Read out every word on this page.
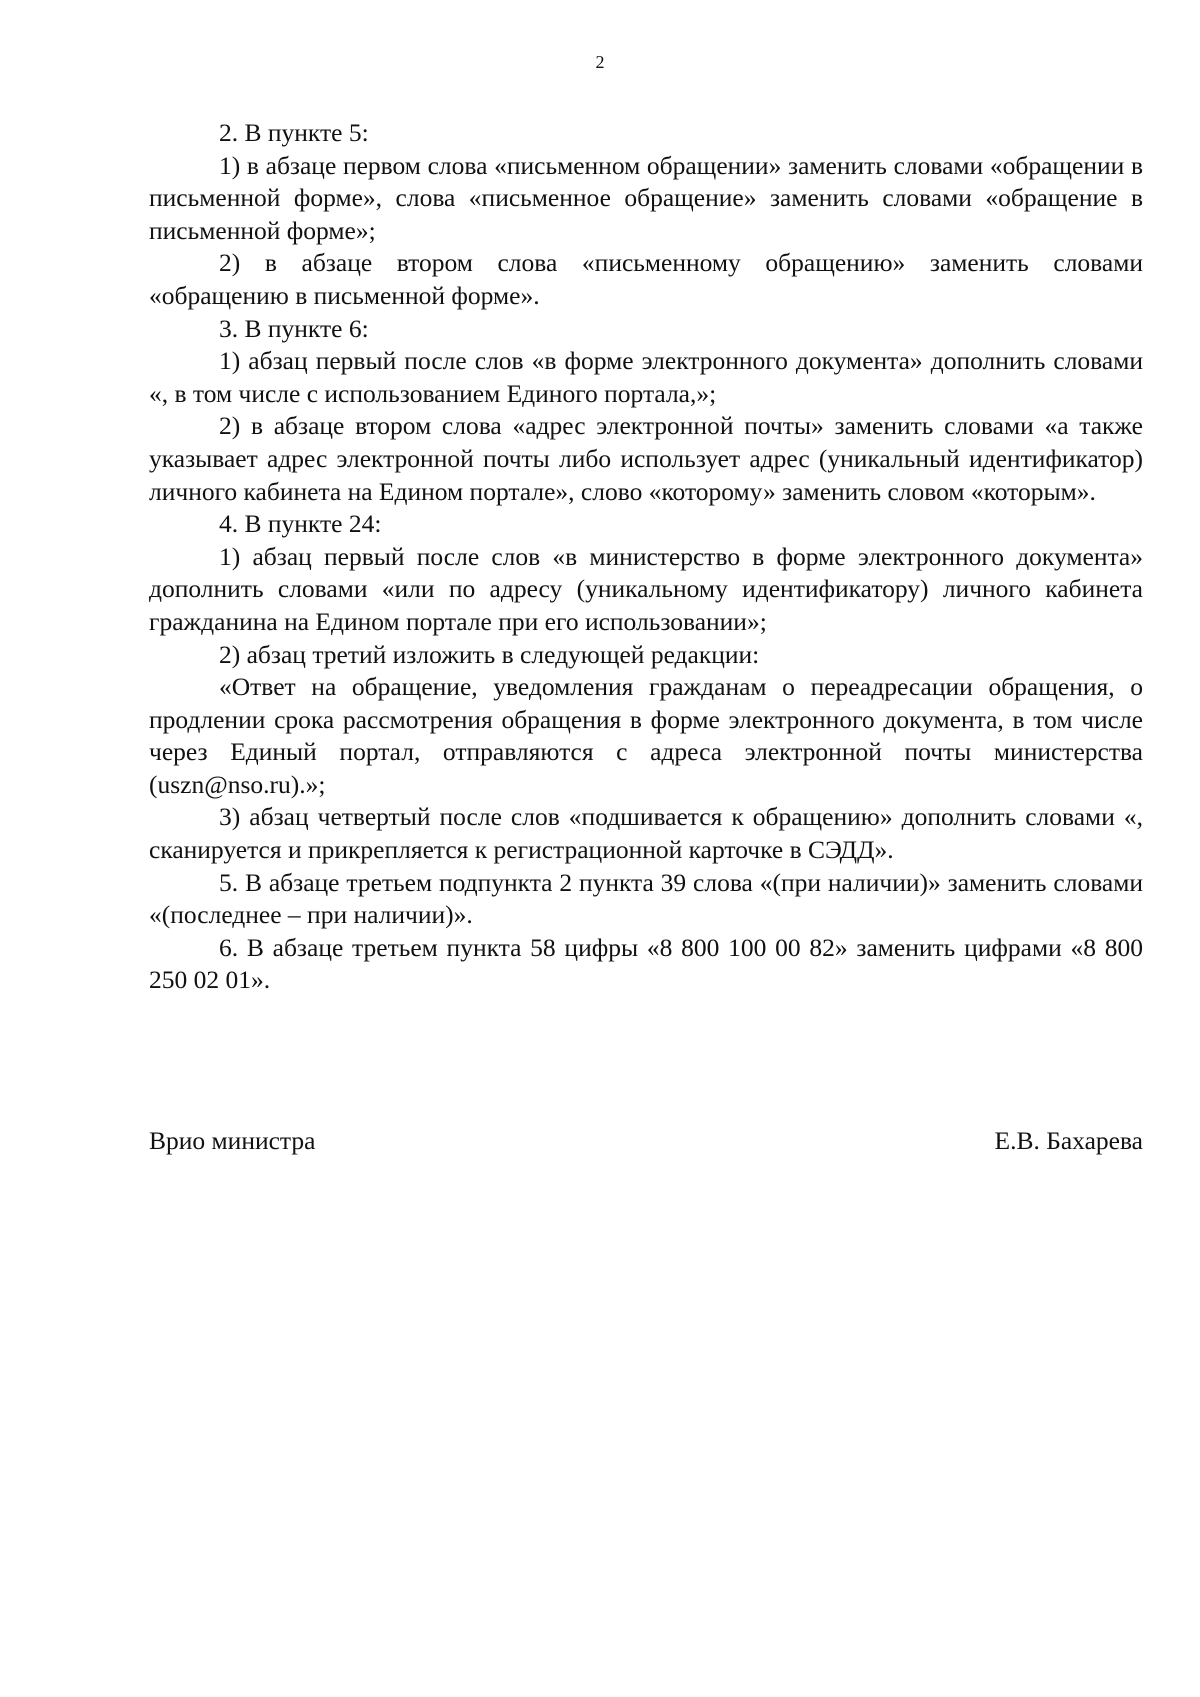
2

2. В пункте 5:

1) в абзаце первом слова «письменном обращении» заменить словами «обращении в письменной форме», слова «письменное обращение» заменить словами «обращение в письменной форме»;

2) в абзаце втором слова «письменному обращению» заменить словами «обращению в письменной форме».

3. В пункте 6:

1) абзац первый после слов «в форме электронного документа» дополнить словами «, в том числе с использованием Единого портала,»;

2) в абзаце втором слова «адрес электронной почты» заменить словами «а также указывает адрес электронной почты либо использует адрес (уникальный идентификатор) личного кабинета на Едином портале», слово «которому» заменить словом «которым».

4. В пункте 24:

1) абзац первый после слов «в министерство в форме электронного документа» дополнить словами «или по адресу (уникальному идентификатору) личного кабинета гражданина на Едином портале при его использовании»;

2) абзац третий изложить в следующей редакции:

«Ответ на обращение, уведомления гражданам о переадресации обращения, о продлении срока рассмотрения обращения в форме электронного документа, в том числе через Единый портал, отправляются с адреса электронной почты министерства (uszn@nso.ru).»;

3) абзац четвертый после слов «подшивается к обращению» дополнить словами «, сканируется и прикрепляется к регистрационной карточке в СЭДД».

5. В абзаце третьем подпункта 2 пункта 39 слова «(при наличии)» заменить словами «(последнее – при наличии)».

6. В абзаце третьем пункта 58 цифры «8 800 100 00 82» заменить цифрами «8 800 250 02 01».

Врио министра	Е.В. Бахарева
